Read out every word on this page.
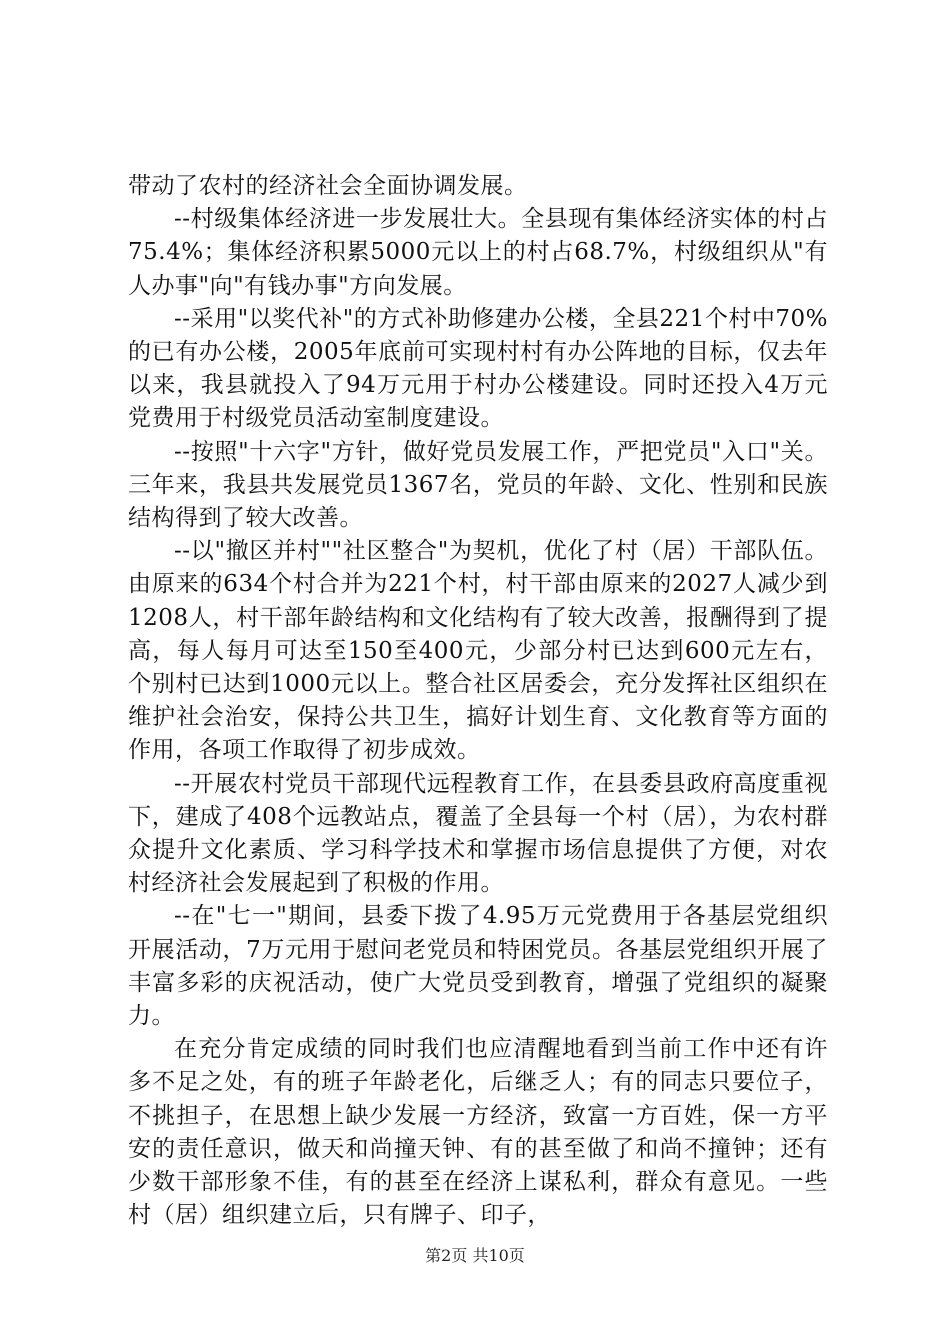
带动了农村的经济社会全面协调发展。

--村级集体经济进一步发展壮大。全县现有集体经济实体的村占75.4%；集体经济积累5000元以上的村占68.7%，村级组织从"有人办事"向"有钱办事"方向发展。

--采用"以奖代补"的方式补助修建办公楼，全县221个村中70%的已有办公楼，2005年底前可实现村村有办公阵地的目标，仅去年以来，我县就投入了94万元用于村办公楼建设。同时还投入4万元党费用于村级党员活动室制度建设。

--按照"十六字"方针，做好党员发展工作，严把党员"入口"关。三年来，我县共发展党员1367名，党员的年龄、文化、性别和民族结构得到了较大改善。

--以"撤区并村""社区整合"为契机，优化了村（居）干部队伍。由原来的634个村合并为221个村，村干部由原来的2027人减少到1208人，村干部年龄结构和文化结构有了较大改善，报酬得到了提高，每人每月可达至150至400元，少部分村已达到600元左右，个别村已达到1000元以上。整合社区居委会，充分发挥社区组织在维护社会治安，保持公共卫生，搞好计划生育、文化教育等方面的作用，各项工作取得了初步成效。

--开展农村党员干部现代远程教育工作，在县委县政府高度重视下，建成了408个远教站点，覆盖了全县每一个村（居），为农村群众提升文化素质、学习科学技术和掌握市场信息提供了方便，对农村经济社会发展起到了积极的作用。

--在"七一"期间，县委下拨了4.95万元党费用于各基层党组织开展活动，7万元用于慰问老党员和特困党员。各基层党组织开展了丰富多彩的庆祝活动，使广大党员受到教育，增强了党组织的凝聚力。

在充分肯定成绩的同时我们也应清醒地看到当前工作中还有许多不足之处，有的班子年龄老化，后继乏人；有的同志只要位子，不挑担子，在思想上缺少发展一方经济，致富一方百姓，保一方平安的责任意识，做天和尚撞天钟、有的甚至做了和尚不撞钟；还有少数干部形象不佳，有的甚至在经济上谋私利，群众有意见。一些村（居）组织建立后，只有牌子、印子，

第2页 共10页
